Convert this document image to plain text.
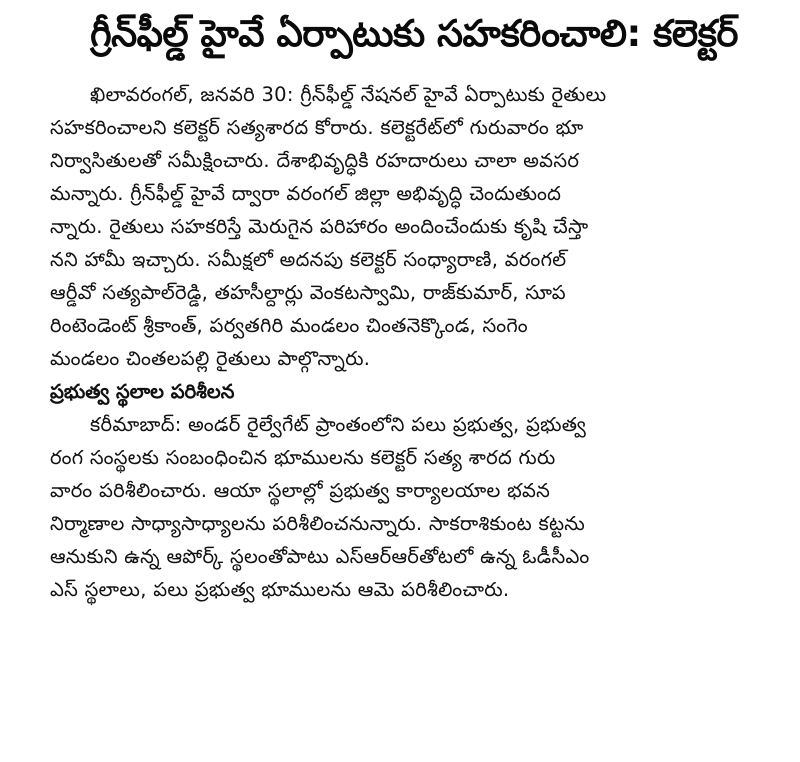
గ్రీన్‌ఫీల్డ్ హైవే ఏర్పాటుకు సహకరించాలి: కలెక్టర్
ఖిలావరంగల్, జనవరి 30: గ్రీన్‌ఫీల్డ్ నేషనల్ హైవే ఏర్పాటుకు రైతులు
సహకరించాలని కలెక్టర్ సత్యశారద కోరారు. కలెక్టరేట్‌లో గురువారం భూ
నిర్వాసితులతో సమీక్షించారు. దేశాభివృద్ధికి రహదారులు చాలా అవసర
మన్నారు. గ్రీన్‌ఫీల్డ్ హైవే ద్వారా వరంగల్ జిల్లా అభివృద్ధి చెందుతుంద
న్నారు. రైతులు సహకరిస్తే మెరుగైన పరిహారం అందించేందుకు కృషి చేస్తా
నని హామీ ఇచ్చారు. సమీక్షలో అదనపు కలెక్టర్ సంధ్యారాణి, వరంగల్
ఆర్డీవో సత్యపాల్‌రెడ్డి, తహసీల్దార్లు వెంకటస్వామి, రాజ్‌కుమార్, సూప
రింటెండెంట్ శ్రీకాంత్, పర్వతగిరి మండలం చింతనెక్కొండ, సంగెం
మండలం చింతలపల్లి రైతులు పాల్గొన్నారు.
ప్రభుత్వ స్థలాల పరిశీలన
కరీమాబాద్: అండర్ రైల్వేగేట్ ప్రాంతంలోని పలు ప్రభుత్వ, ప్రభుత్వ
రంగ సంస్థలకు సంబంధించిన భూములను కలెక్టర్ సత్య శారద గురు
వారం పరిశీలించారు. ఆయా స్థలాల్లో ప్రభుత్వ కార్యాలయాల భవన
నిర్మాణాల సాధ్యాసాధ్యాలను పరిశీలించనున్నారు. సాకరాశికుంట కట్టను
ఆనుకుని ఉన్న ఆపోర్క్ స్థలంతోపాటు ఎస్‌ఆర్‌ఆర్‌తోటలో ఉన్న ఓడీసీఎం
ఎస్ స్థలాలు, పలు ప్రభుత్వ భూములను ఆమె పరిశీలించారు.
